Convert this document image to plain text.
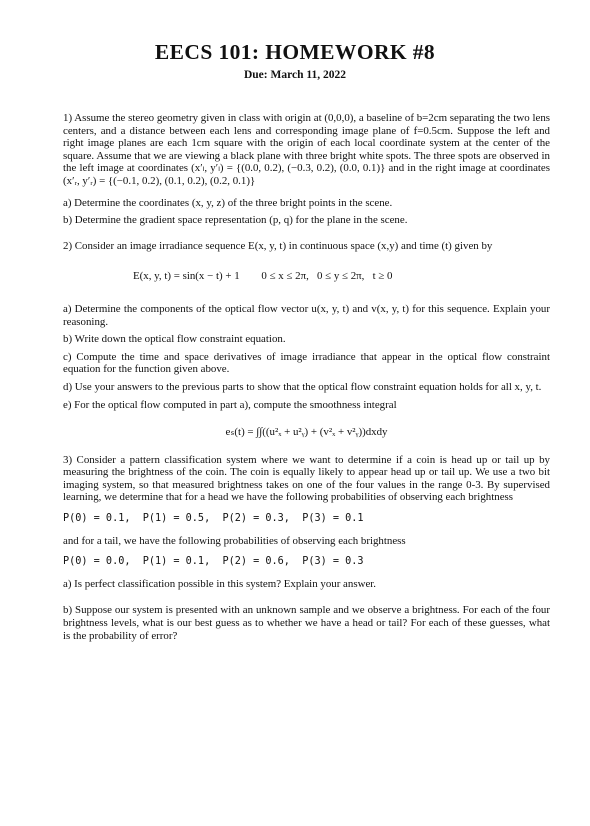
EECS 101: HOMEWORK #8
Due: March 11, 2022

1) Assume the stereo geometry given in class with origin at (0,0,0), a baseline of b=2cm separating the two lens centers, and a distance between each lens and corresponding image plane of f=0.5cm. Suppose the left and right image planes are each 1cm square with the origin of each local coordinate system at the center of the square. Assume that we are viewing a black plane with three bright white spots. The three spots are observed in the left image at coordinates (x′ₗ, y′ₗ) = {(0.0, 0.2), (−0.3, 0.2), (0.0, 0.1)} and in the right image at coordinates (x′ᵣ, y′ᵣ) = {(−0.1, 0.2), (0.1, 0.2), (0.2, 0.1)}

a) Determine the coordinates (x, y, z) of the three bright points in the scene.

b) Determine the gradient space representation (p, q) for the plane in the scene.

2) Consider an image irradiance sequence E(x, y, t) in continuous space (x,y) and time (t) given by

E(x, y, t) = sin(x − t) + 1        0 ≤ x ≤ 2π,   0 ≤ y ≤ 2π,   t ≥ 0

a) Determine the components of the optical flow vector u(x, y, t) and v(x, y, t) for this sequence. Explain your reasoning.

b) Write down the optical flow constraint equation.

c) Compute the time and space derivatives of image irradiance that appear in the optical flow constraint equation for the function given above.

d) Use your answers to the previous parts to show that the optical flow constraint equation holds for all x, y, t.

e) For the optical flow computed in part a), compute the smoothness integral

eₛ(t) = ∫∫((u²ₓ + u²ᵧ) + (v²ₓ + v²ᵧ))dxdy

3) Consider a pattern classification system where we want to determine if a coin is head up or tail up by measuring the brightness of the coin. The coin is equally likely to appear head up or tail up. We use a two bit imaging system, so that measured brightness takes on one of the four values in the range 0-3. By supervised learning, we determine that for a head we have the following probabilities of observing each brightness

P(0) = 0.1,  P(1) = 0.5,  P(2) = 0.3,  P(3) = 0.1

and for a tail, we have the following probabilities of observing each brightness

P(0) = 0.0,  P(1) = 0.1,  P(2) = 0.6,  P(3) = 0.3

a) Is perfect classification possible in this system? Explain your answer.

b) Suppose our system is presented with an unknown sample and we observe a brightness. For each of the four brightness levels, what is our best guess as to whether we have a head or tail? For each of these guesses, what is the probability of error?
